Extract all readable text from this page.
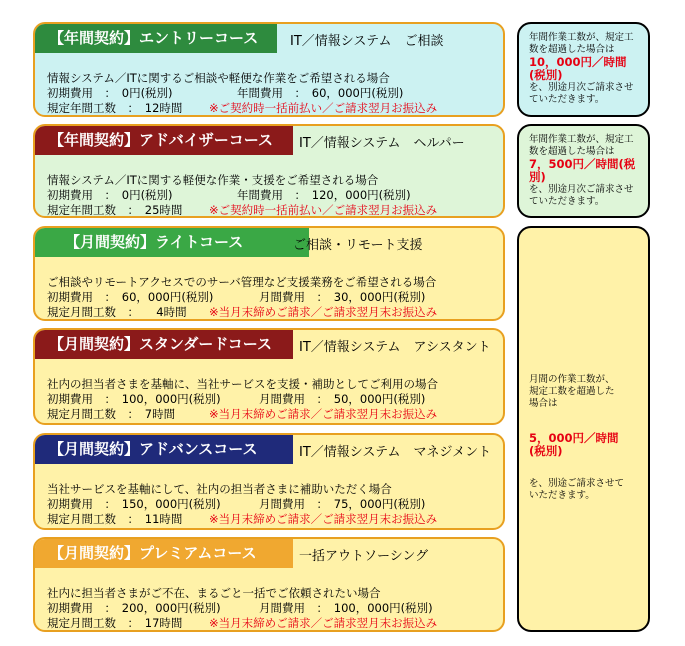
【年間契約】エントリーコース	IT／情報システム　ご相談
情報システム／ITに関するご相談や軽便な作業をご希望される場合
初期費用　：　0円(税別)	年間費用　：　60，000円(税別)
規定年間工数　：　12時間 ※ご契約時一括前払い／ご請求翌月お振込み
【年間契約】アドバイザーコース	IT／情報システム　ヘルパー
情報システム／ITに関する軽便な作業・支援をご希望される場合
初期費用　：　0円(税別)	年間費用　：　120，000円(税別)
規定年間工数　：　25時間 ※ご契約時一括前払い／ご請求翌月お振込み
【月間契約】ライトコース	ご相談・リモート支援
ご相談やリモートアクセスでのサーバ管理など支援業務をご希望される場合
初期費用　：　60，000円(税別)	月間費用　：　30，000円(税別)
規定月間工数　：　　4時間 ※当月末締めご請求／ご請求翌月末お振込み
【月間契約】スタンダードコース	IT／情報システム　アシスタント
社内の担当者さまを基軸に、当社サービスを支援・補助としてご利用の場合
初期費用　：　100，000円(税別)	月間費用　：　50，000円(税別)
規定月間工数　：　7時間	※当月末締めご請求／ご請求翌月末お振込み
【月間契約】アドバンスコース	IT／情報システム　マネジメント
当社サービスを基軸にして、社内の担当者さまに補助いただく場合
初期費用　：　150，000円(税別)	月間費用　：　75，000円(税別)
規定月間工数　：　11時間 ※当月末締めご請求／ご請求翌月末お振込み
【月間契約】プレミアムコース	一括アウトソーシング
社内に担当者さまがご不在、まるごと一括でご依頼されたい場合
初期費用　：　200，000円(税別)	月間費用　：　100，000円(税別)
規定月間工数　：　17時間 ※当月末締めご請求／ご請求翌月末お振込み
年間作業工数が、規定工数を超過した場合は
10，000円／時間(税別)
を、別途月次ご請求させていただきます。
年間作業工数が、規定工数を超過した場合は
7，500円／時間(税別)
を、別途月次ご請求させていただきます。
月間の作業工数が、規定工数を超過した場合は
5，000円／時間(税別)
を、別途ご請求させていただきます。
